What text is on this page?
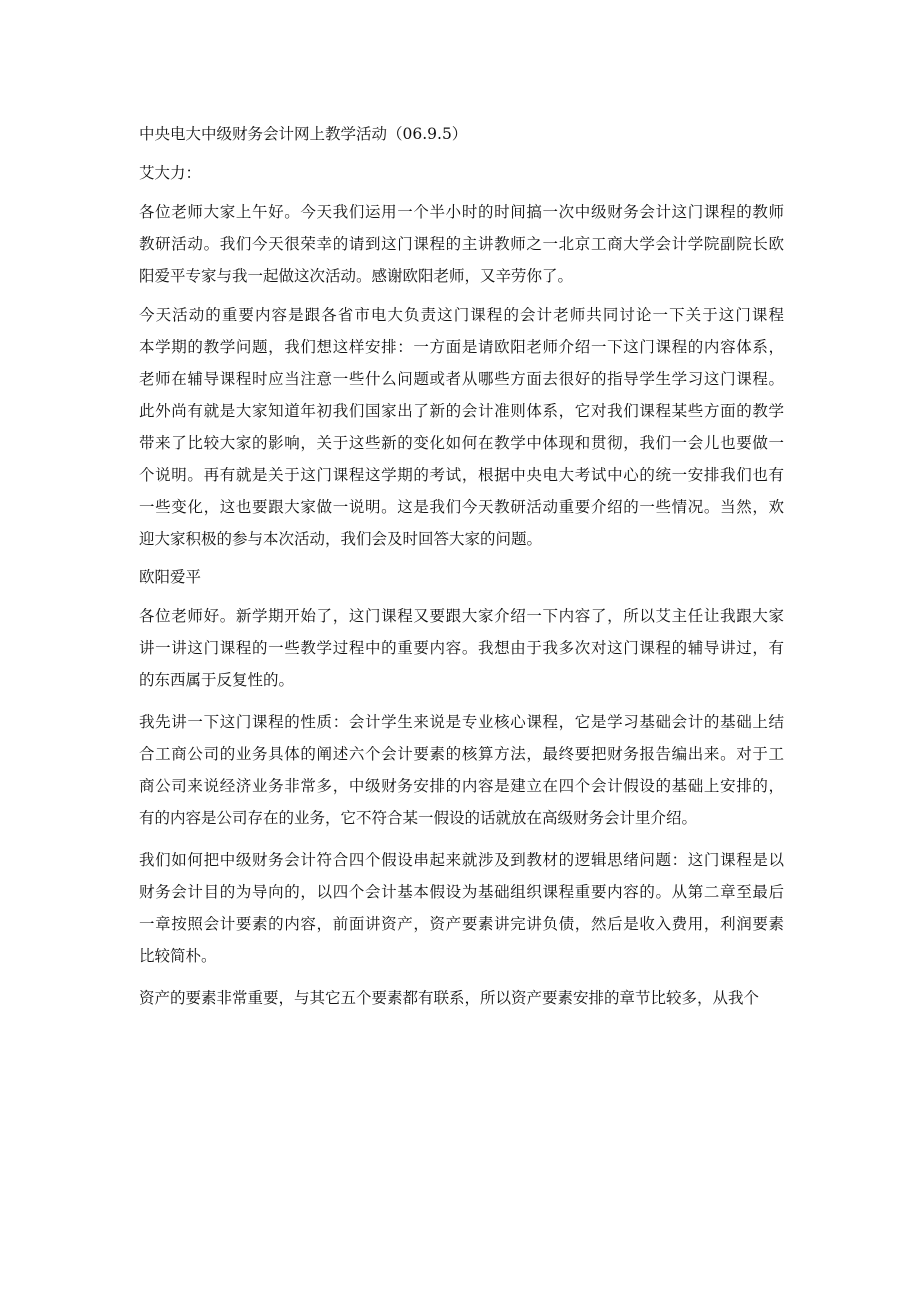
中央电大中级财务会计网上教学活动（06.9.5）
艾大力：
各位老师大家上午好。今天我们运用一个半小时的时间搞一次中级财务会计这门课程的教师
教研活动。我们今天很荣幸的请到这门课程的主讲教师之一北京工商大学会计学院副院长欧
阳爱平专家与我一起做这次活动。感谢欧阳老师，又辛劳你了。
今天活动的重要内容是跟各省市电大负责这门课程的会计老师共同讨论一下关于这门课程
本学期的教学问题，我们想这样安排：一方面是请欧阳老师介绍一下这门课程的内容体系，
老师在辅导课程时应当注意一些什么问题或者从哪些方面去很好的指导学生学习这门课程。
此外尚有就是大家知道年初我们国家出了新的会计准则体系，它对我们课程某些方面的教学
带来了比较大家的影响，关于这些新的变化如何在教学中体现和贯彻，我们一会儿也要做一
个说明。再有就是关于这门课程这学期的考试，根据中央电大考试中心的统一安排我们也有
一些变化，这也要跟大家做一说明。这是我们今天教研活动重要介绍的一些情况。当然，欢
迎大家积极的参与本次活动，我们会及时回答大家的问题。
欧阳爱平
各位老师好。新学期开始了，这门课程又要跟大家介绍一下内容了，所以艾主任让我跟大家
讲一讲这门课程的一些教学过程中的重要内容。我想由于我多次对这门课程的辅导讲过，有
的东西属于反复性的。
我先讲一下这门课程的性质：会计学生来说是专业核心课程，它是学习基础会计的基础上结
合工商公司的业务具体的阐述六个会计要素的核算方法，最终要把财务报告编出来。对于工
商公司来说经济业务非常多，中级财务安排的内容是建立在四个会计假设的基础上安排的，
有的内容是公司存在的业务，它不符合某一假设的话就放在高级财务会计里介绍。
我们如何把中级财务会计符合四个假设串起来就涉及到教材的逻辑思绪问题：这门课程是以
财务会计目的为导向的，以四个会计基本假设为基础组织课程重要内容的。从第二章至最后
一章按照会计要素的内容，前面讲资产，资产要素讲完讲负债，然后是收入费用，利润要素
比较简朴。
资产的要素非常重要，与其它五个要素都有联系，所以资产要素安排的章节比较多，从我个
